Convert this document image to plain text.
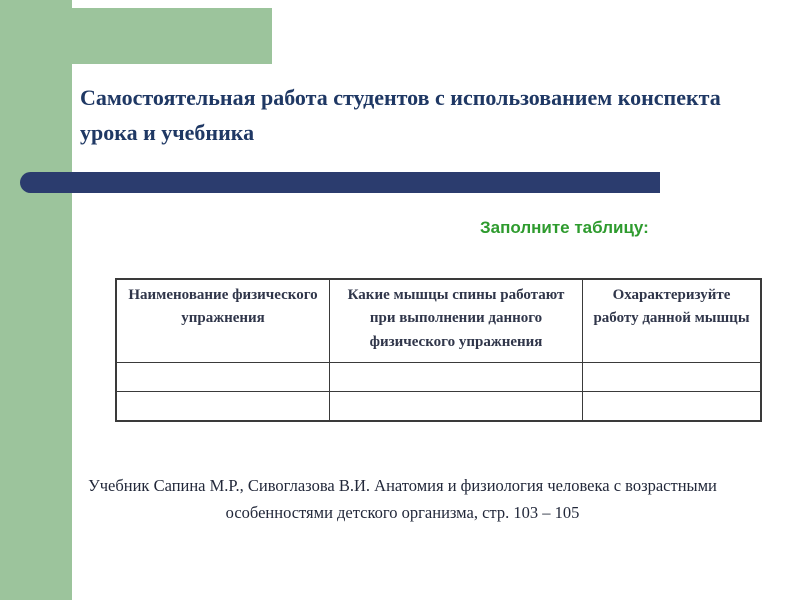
Самостоятельная работа студентов с использованием конспекта урока и учебника
Заполните таблицу:
Наименование физического упражнения	Какие мышцы спины работают при выполнении данного физического упражнения	Охарактеризуйте работу данной мышцы

Учебник Сапина М.Р., Сивоглазова В.И. Анатомия и физиология человека с возрастными особенностями детского организма, стр. 103 – 105
